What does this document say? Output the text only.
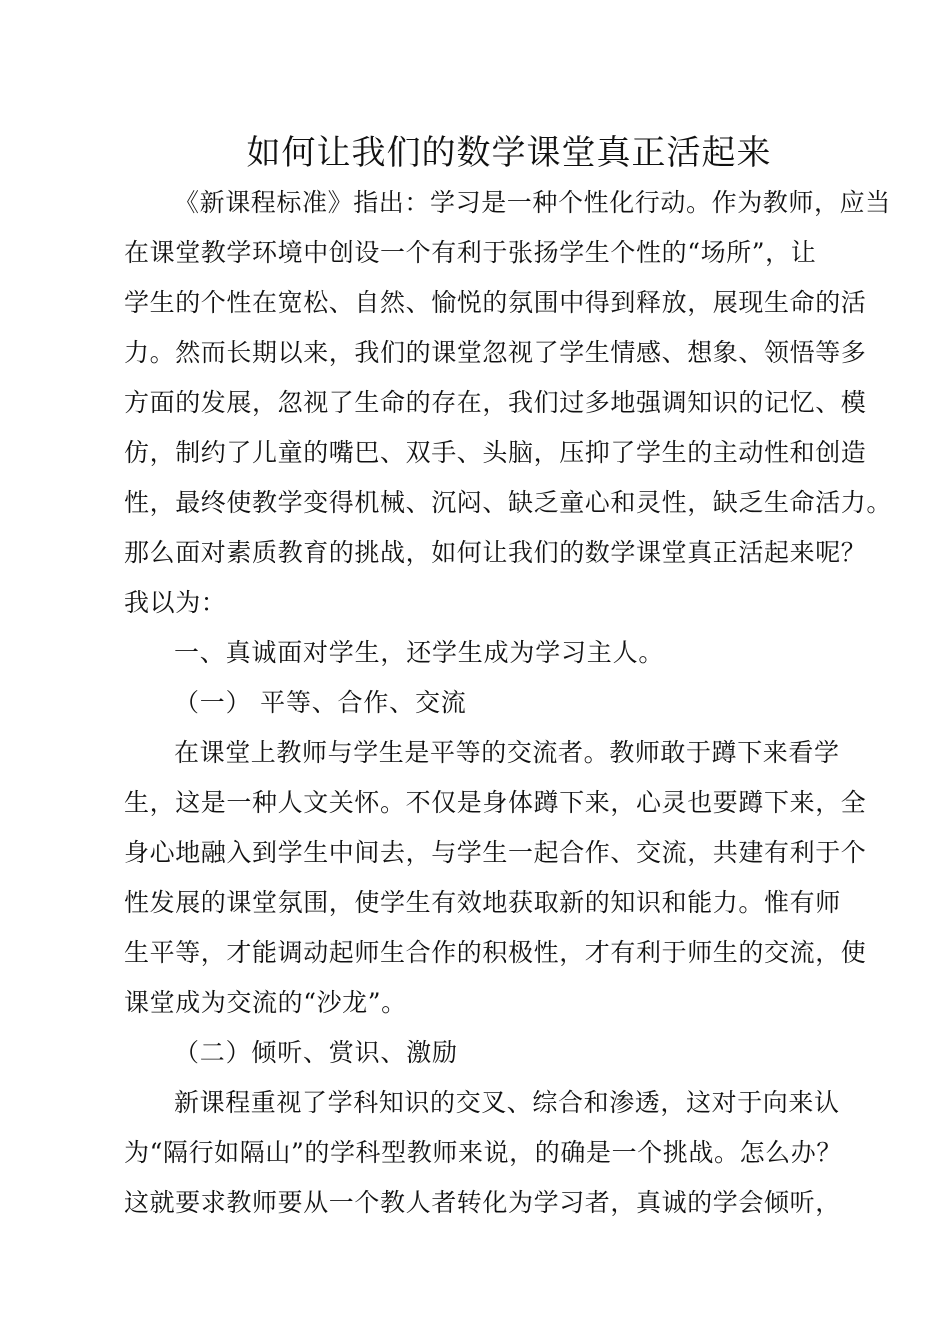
如何让我们的数学课堂真正活起来
《新课程标准》指出：学习是一种个性化行动。作为教师，应当
在课堂教学环境中创设一个有利于张扬学生个性的“场所”，让
学生的个性在宽松、自然、愉悦的氛围中得到释放，展现生命的活
力。然而长期以来，我们的课堂忽视了学生情感、想象、领悟等多
方面的发展，忽视了生命的存在，我们过多地强调知识的记忆、模
仿，制约了儿童的嘴巴、双手、头脑，压抑了学生的主动性和创造
性，最终使教学变得机械、沉闷、缺乏童心和灵性，缺乏生命活力。
那么面对素质教育的挑战，如何让我们的数学课堂真正活起来呢？
我以为：
一、真诚面对学生，还学生成为学习主人。
（一） 平等、合作、交流
在课堂上教师与学生是平等的交流者。教师敢于蹲下来看学
生，这是一种人文关怀。不仅是身体蹲下来，心灵也要蹲下来，全
身心地融入到学生中间去，与学生一起合作、交流，共建有利于个
性发展的课堂氛围，使学生有效地获取新的知识和能力。惟有师
生平等，才能调动起师生合作的积极性，才有利于师生的交流，使
课堂成为交流的“沙龙”。
（二）倾听、赏识、激励
新课程重视了学科知识的交叉、综合和渗透，这对于向来认
为“隔行如隔山”的学科型教师来说，的确是一个挑战。怎么办？
这就要求教师要从一个教人者转化为学习者，真诚的学会倾听，
